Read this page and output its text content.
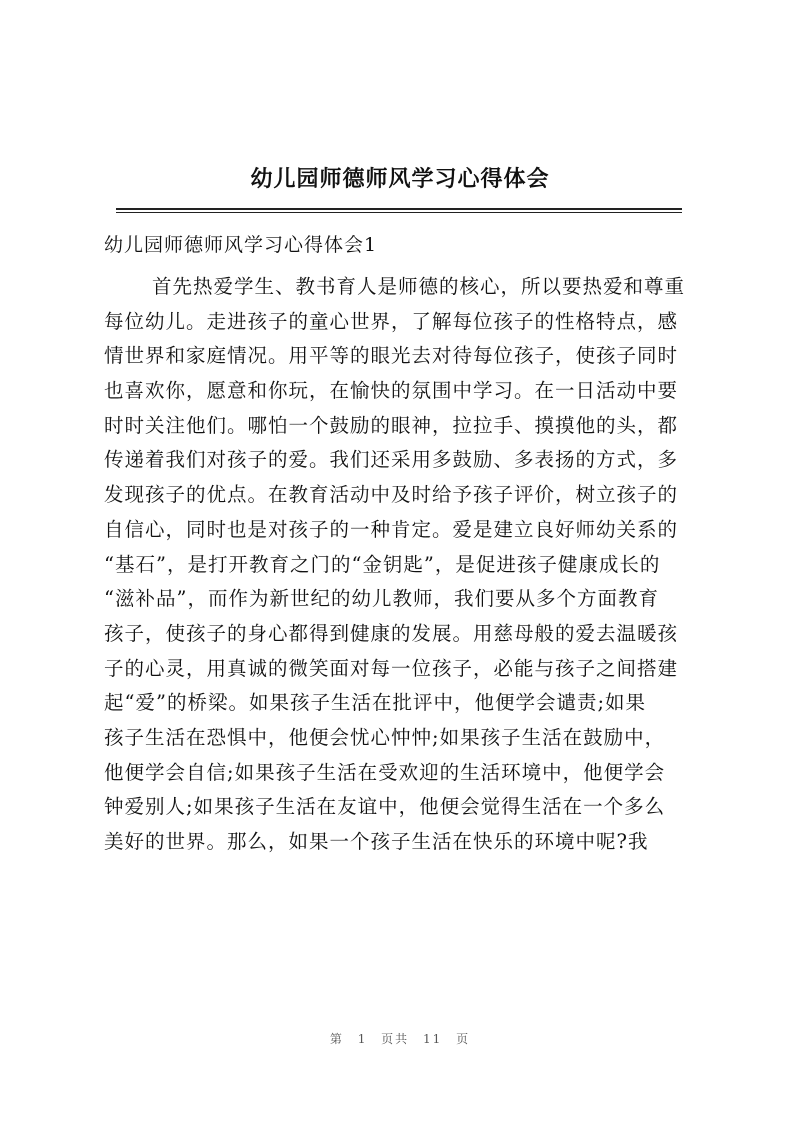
幼儿园师德师风学习心得体会
幼儿园师德师风学习心得体会1
首先热爱学生、教书育人是师德的核心，所以要热爱和尊重
每位幼儿。走进孩子的童心世界，了解每位孩子的性格特点，感
情世界和家庭情况。用平等的眼光去对待每位孩子，使孩子同时
也喜欢你，愿意和你玩，在愉快的氛围中学习。在一日活动中要
时时关注他们。哪怕一个鼓励的眼神，拉拉手、摸摸他的头，都
传递着我们对孩子的爱。我们还采用多鼓励、多表扬的方式，多
发现孩子的优点。在教育活动中及时给予孩子评价，树立孩子的
自信心，同时也是对孩子的一种肯定。爱是建立良好师幼关系的
“基石”，是打开教育之门的“金钥匙”，是促进孩子健康成长的
“滋补品”，而作为新世纪的幼儿教师，我们要从多个方面教育
孩子，使孩子的身心都得到健康的发展。用慈母般的爱去温暖孩
子的心灵，用真诚的微笑面对每一位孩子，必能与孩子之间搭建
起“爱”的桥梁。如果孩子生活在批评中，他便学会谴责;如果
孩子生活在恐惧中，他便会忧心忡忡;如果孩子生活在鼓励中，
他便学会自信;如果孩子生活在受欢迎的生活环境中，他便学会
钟爱别人;如果孩子生活在友谊中，他便会觉得生活在一个多么
美好的世界。那么，如果一个孩子生活在快乐的环境中呢?我
第 1 页共 11 页
